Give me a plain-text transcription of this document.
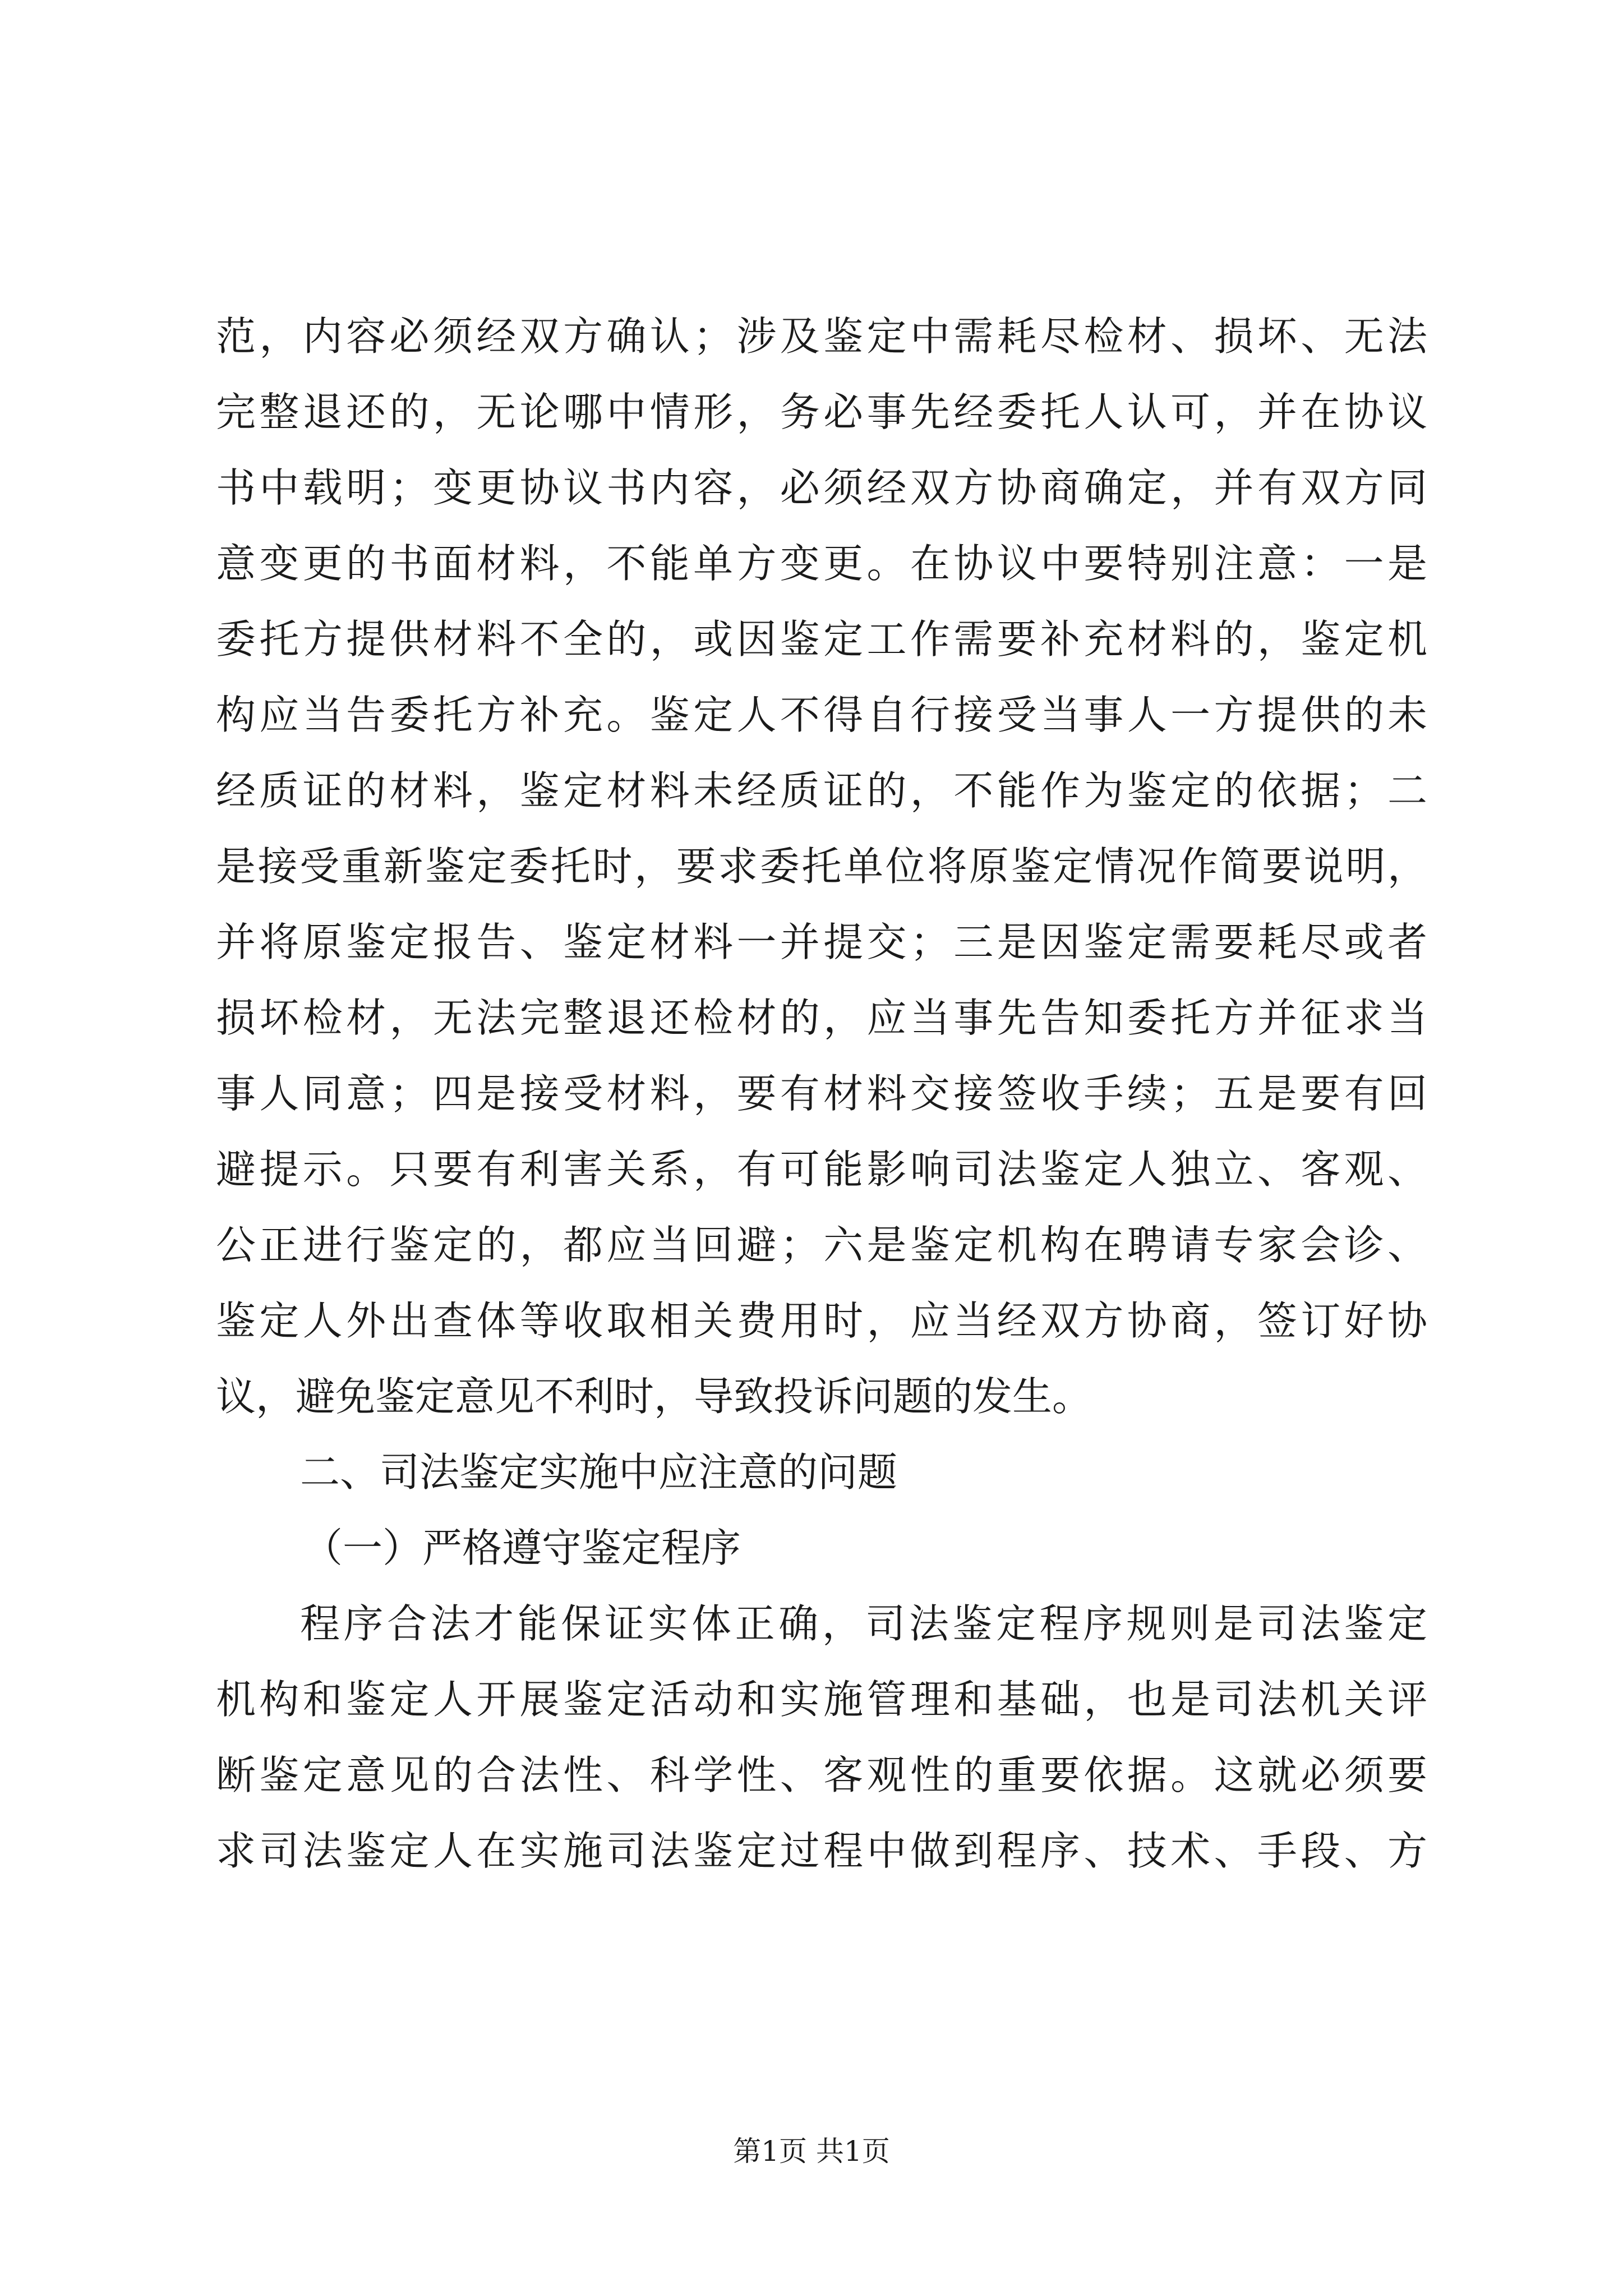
范，内容必须经双方确认；涉及鉴定中需耗尽检材、损坏、无法
完整退还的，无论哪中情形，务必事先经委托人认可，并在协议
书中载明；变更协议书内容，必须经双方协商确定，并有双方同
意变更的书面材料，不能单方变更。在协议中要特别注意：一是
委托方提供材料不全的，或因鉴定工作需要补充材料的，鉴定机
构应当告委托方补充。鉴定人不得自行接受当事人一方提供的未
经质证的材料，鉴定材料未经质证的，不能作为鉴定的依据；二
是接受重新鉴定委托时，要求委托单位将原鉴定情况作简要说明，
并将原鉴定报告、鉴定材料一并提交；三是因鉴定需要耗尽或者
损坏检材，无法完整退还检材的，应当事先告知委托方并征求当
事人同意；四是接受材料，要有材料交接签收手续；五是要有回
避提示。只要有利害关系，有可能影响司法鉴定人独立、客观、
公正进行鉴定的，都应当回避；六是鉴定机构在聘请专家会诊、
鉴定人外出查体等收取相关费用时，应当经双方协商，签订好协
议，避免鉴定意见不利时，导致投诉问题的发生。
二、司法鉴定实施中应注意的问题
（一）严格遵守鉴定程序
程序合法才能保证实体正确，司法鉴定程序规则是司法鉴定
机构和鉴定人开展鉴定活动和实施管理和基础，也是司法机关评
断鉴定意见的合法性、科学性、客观性的重要依据。这就必须要
求司法鉴定人在实施司法鉴定过程中做到程序、技术、手段、方
第1页 共1页
